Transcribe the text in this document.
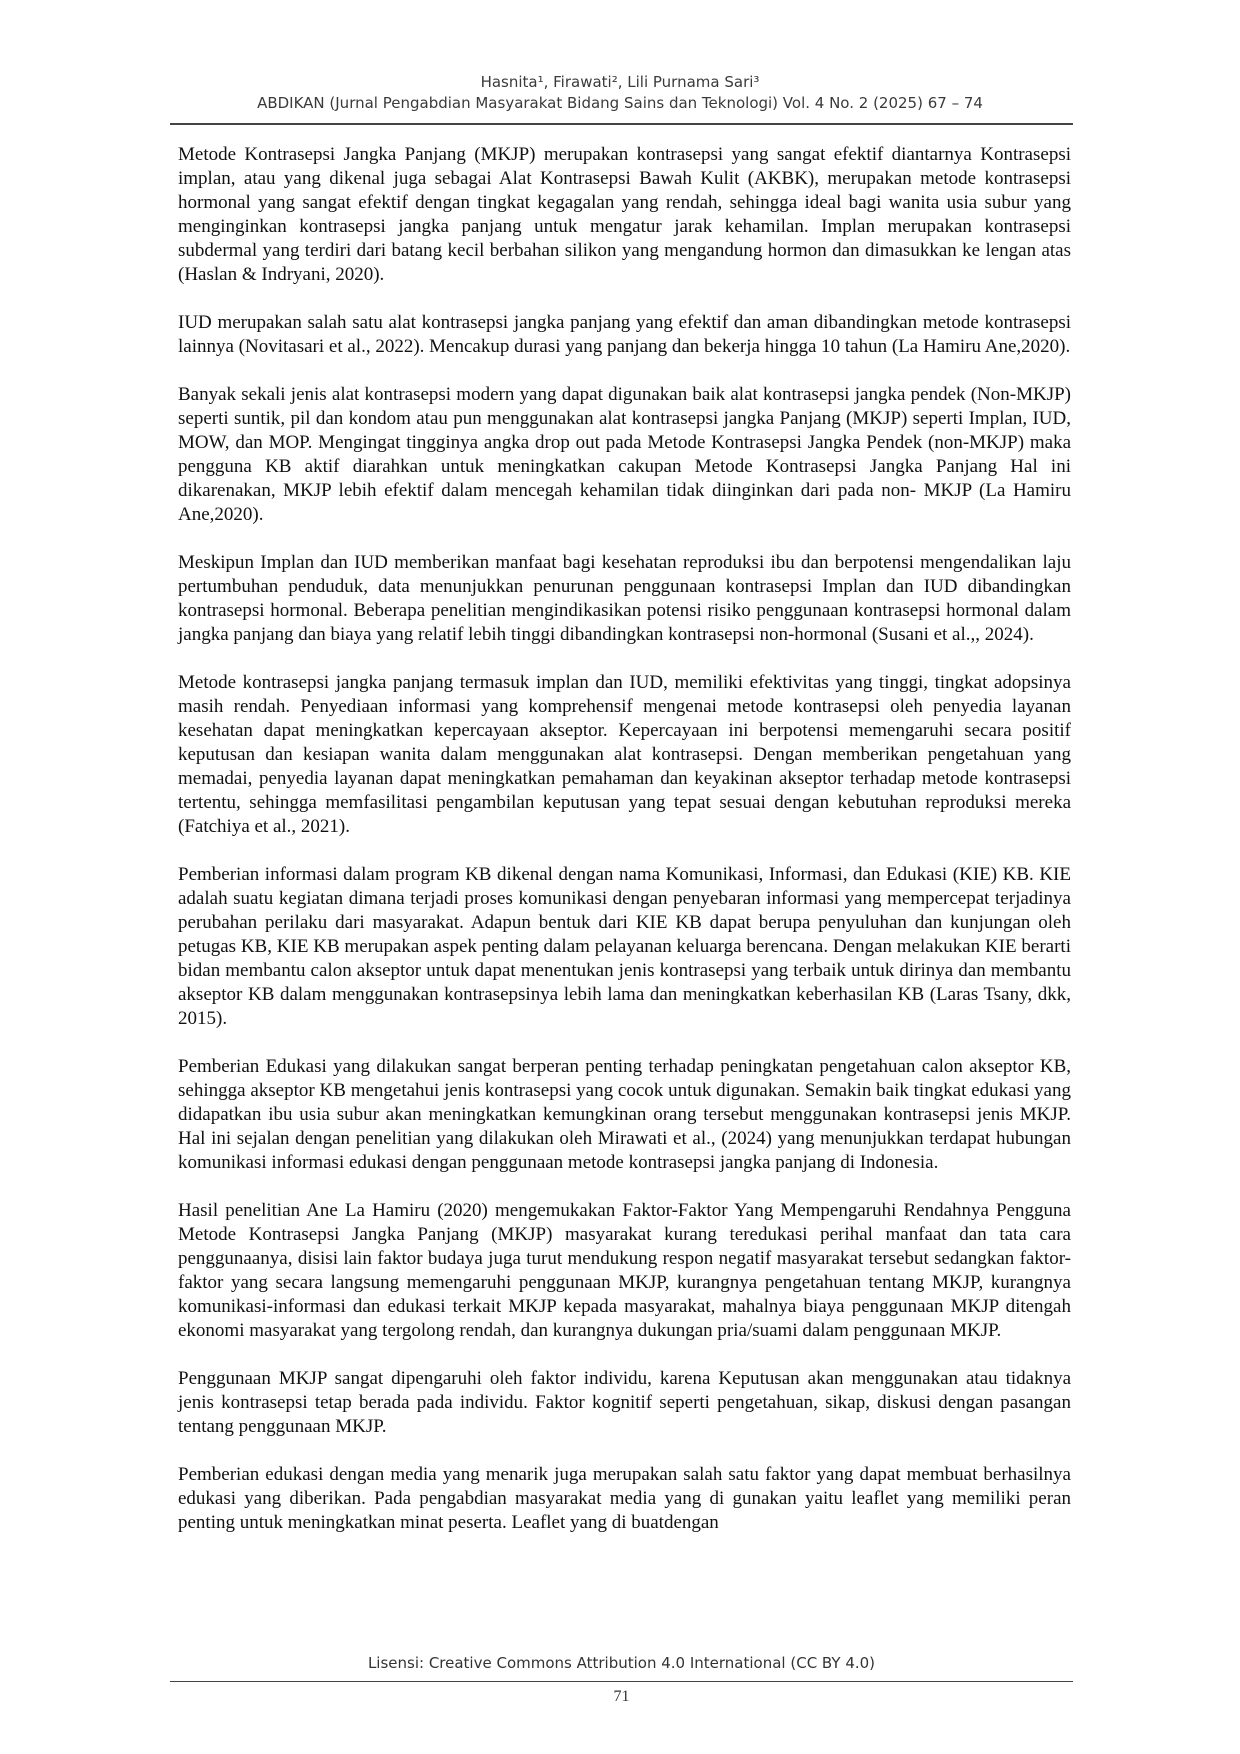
Hasnita¹, Firawati², Lili Purnama Sari³
ABDIKAN (Jurnal Pengabdian Masyarakat Bidang Sains dan Teknologi) Vol. 4 No. 2 (2025) 67 – 74

Metode Kontrasepsi Jangka Panjang (MKJP) merupakan kontrasepsi yang sangat efektif diantarnya Kontrasepsi implan, atau yang dikenal juga sebagai Alat Kontrasepsi Bawah Kulit (AKBK), merupakan metode kontrasepsi hormonal yang sangat efektif dengan tingkat kegagalan yang rendah, sehingga ideal bagi wanita usia subur yang menginginkan kontrasepsi jangka panjang untuk mengatur jarak kehamilan. Implan merupakan kontrasepsi subdermal yang terdiri dari batang kecil berbahan silikon yang mengandung hormon dan dimasukkan ke lengan atas (Haslan & Indryani, 2020).

IUD merupakan salah satu alat kontrasepsi jangka panjang yang efektif dan aman dibandingkan metode kontrasepsi lainnya (Novitasari et al., 2022). Mencakup durasi yang panjang dan bekerja hingga 10 tahun (La Hamiru Ane,2020).

Banyak sekali jenis alat kontrasepsi modern yang dapat digunakan baik alat kontrasepsi jangka pendek (Non-MKJP) seperti suntik, pil dan kondom atau pun menggunakan alat kontrasepsi jangka Panjang (MKJP) seperti Implan, IUD, MOW, dan MOP. Mengingat tingginya angka drop out pada Metode Kontrasepsi Jangka Pendek (non-MKJP) maka pengguna KB aktif diarahkan untuk meningkatkan cakupan Metode Kontrasepsi Jangka Panjang Hal ini dikarenakan, MKJP lebih efektif dalam mencegah kehamilan tidak diinginkan dari pada non- MKJP (La Hamiru Ane,2020).

Meskipun Implan dan IUD memberikan manfaat bagi kesehatan reproduksi ibu dan berpotensi mengendalikan laju pertumbuhan penduduk, data menunjukkan penurunan penggunaan kontrasepsi Implan dan IUD dibandingkan kontrasepsi hormonal. Beberapa penelitian mengindikasikan potensi risiko penggunaan kontrasepsi hormonal dalam jangka panjang dan biaya yang relatif lebih tinggi dibandingkan kontrasepsi non-hormonal (Susani et al.,, 2024).

Metode kontrasepsi jangka panjang termasuk implan dan IUD, memiliki efektivitas yang tinggi, tingkat adopsinya masih rendah. Penyediaan informasi yang komprehensif mengenai metode kontrasepsi oleh penyedia layanan kesehatan dapat meningkatkan kepercayaan akseptor. Kepercayaan ini berpotensi memengaruhi secara positif keputusan dan kesiapan wanita dalam menggunakan alat kontrasepsi. Dengan memberikan pengetahuan yang memadai, penyedia layanan dapat meningkatkan pemahaman dan keyakinan akseptor terhadap metode kontrasepsi tertentu, sehingga memfasilitasi pengambilan keputusan yang tepat sesuai dengan kebutuhan reproduksi mereka (Fatchiya et al., 2021).

Pemberian informasi dalam program KB dikenal dengan nama Komunikasi, Informasi, dan Edukasi (KIE) KB. KIE adalah suatu kegiatan dimana terjadi proses komunikasi dengan penyebaran informasi yang mempercepat terjadinya perubahan perilaku dari masyarakat. Adapun bentuk dari KIE KB dapat berupa penyuluhan dan kunjungan oleh petugas KB, KIE KB merupakan aspek penting dalam pelayanan keluarga berencana. Dengan melakukan KIE berarti bidan membantu calon akseptor untuk dapat menentukan jenis kontrasepsi yang terbaik untuk dirinya dan membantu akseptor KB dalam menggunakan kontrasepsinya lebih lama dan meningkatkan keberhasilan KB (Laras Tsany, dkk, 2015).

Pemberian Edukasi yang dilakukan sangat berperan penting terhadap peningkatan pengetahuan calon akseptor KB, sehingga akseptor KB mengetahui jenis kontrasepsi yang cocok untuk digunakan. Semakin baik tingkat edukasi yang didapatkan ibu usia subur akan meningkatkan kemungkinan orang tersebut menggunakan kontrasepsi jenis MKJP. Hal ini sejalan dengan penelitian yang dilakukan oleh Mirawati et al., (2024) yang menunjukkan terdapat hubungan komunikasi informasi edukasi dengan penggunaan metode kontrasepsi jangka panjang di Indonesia.

Hasil penelitian Ane La Hamiru (2020) mengemukakan Faktor-Faktor Yang Mempengaruhi Rendahnya Pengguna Metode Kontrasepsi Jangka Panjang (MKJP) masyarakat kurang teredukasi perihal manfaat dan tata cara penggunaanya, disisi lain faktor budaya juga turut mendukung respon negatif masyarakat tersebut sedangkan faktor-faktor yang secara langsung memengaruhi penggunaan MKJP, kurangnya pengetahuan tentang MKJP, kurangnya komunikasi-informasi dan edukasi terkait MKJP kepada masyarakat, mahalnya biaya penggunaan MKJP ditengah ekonomi masyarakat yang tergolong rendah, dan kurangnya dukungan pria/suami dalam penggunaan MKJP.

Penggunaan MKJP sangat dipengaruhi oleh faktor individu, karena Keputusan akan menggunakan atau tidaknya jenis kontrasepsi tetap berada pada individu. Faktor kognitif seperti pengetahuan, sikap, diskusi dengan pasangan tentang penggunaan MKJP.

Pemberian edukasi dengan media yang menarik juga merupakan salah satu faktor yang dapat membuat berhasilnya edukasi yang diberikan. Pada pengabdian masyarakat media yang di gunakan yaitu leaflet yang memiliki peran penting untuk meningkatkan minat peserta. Leaflet yang di buatdengan

Lisensi: Creative Commons Attribution 4.0 International (CC BY 4.0)
71
